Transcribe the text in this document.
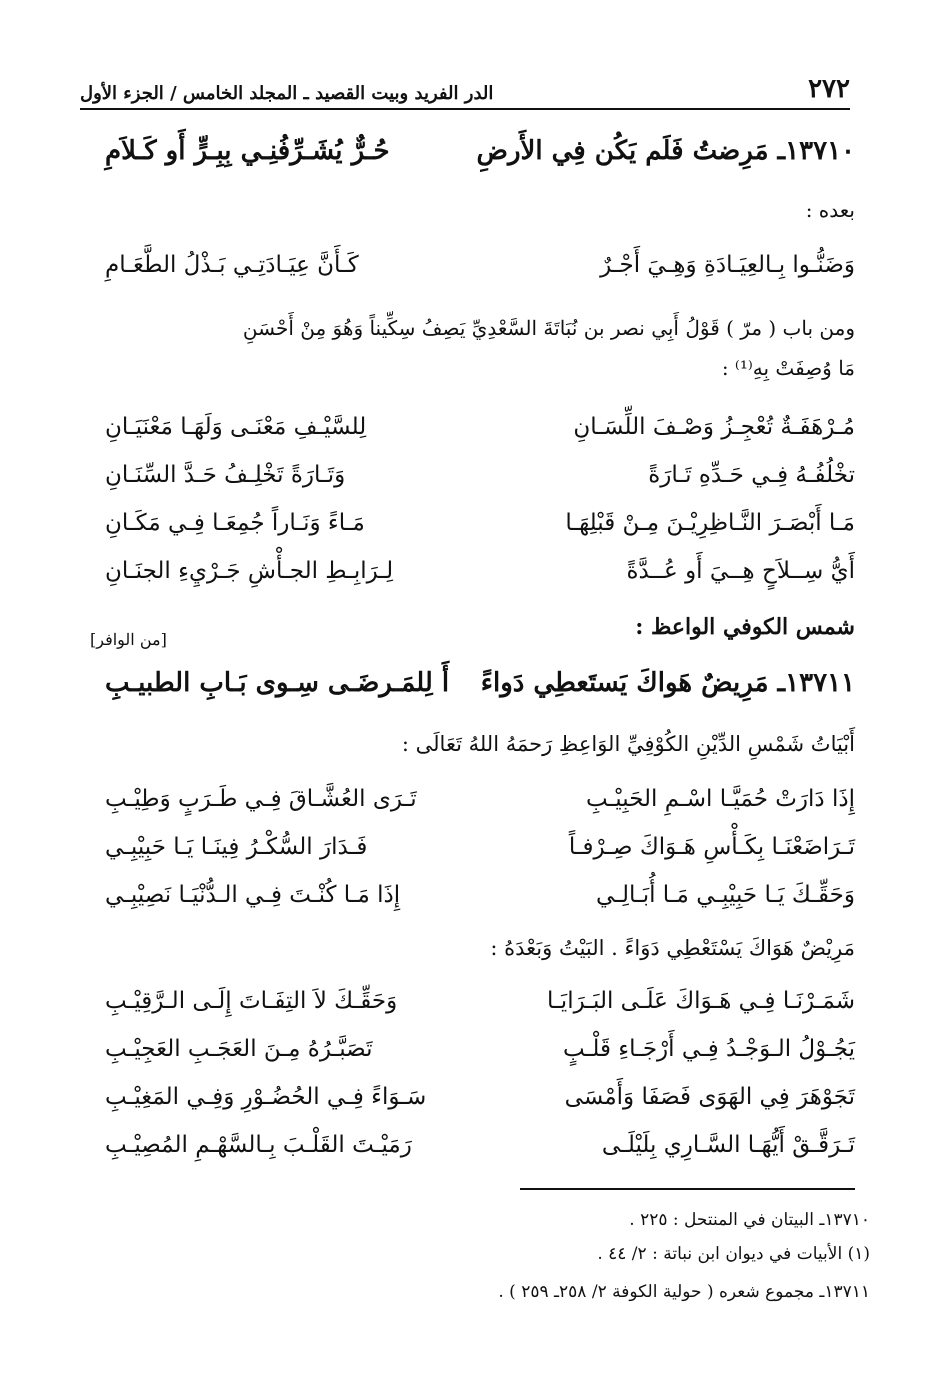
٢٧٢
الدر الفريد وبيت القصيد ـ المجلد الخامس / الجزء الأول
١٣٧١٠ـ مَرِضتُ فَلَم يَكُن فِي الأَرضِ
حُـرٌّ يُشَـرِّفُنِـي بِبِـرٍّ أَو كَـلاَمِ
بعده :
وَضَنُّـوا بِـالعِيَـادَةِ وَهِـيَ أَجْـرٌ
كَـأَنَّ عِيَـادَتِـي بَـذْلُ الطَّعَـامِ
ومن باب ( مرّ ) قَوْلُ أَبِي نصر بن نُبَاتَةَ السَّعْدِيِّ يَصِفُ سِكِّيناً وَهُوَ مِنْ أَحْسَنِ
مَا وُصِفَتْ بِهِ⁽¹⁾ :
مُـرْهَفَـةٌ تُعْجِـزُ وَصْـفَ اللِّسَـانِ
لِلسَّيْـفِ مَعْنَـى وَلَهَـا مَعْنَيَـانِ
تخْلُفُـهُ فِـي حَـدِّهِ تَـارَةً
وَتَـارَةً تَخْلِـفُ حَـدَّ السِّنَـانِ
مَـا أَبْصَـرَ النَّـاظِرِيْـنَ مِـنْ قَبْلِهَـا
مَـاءً وَنَـاراً جُمِعَـا فِـي مَكَـانِ
أَيُّ سِــلاَحٍ هِــيَ أَو عُــدَّةً
لِـرَابِـطِ الجـأْشِ جَـرْيِءِ الجنَـانِ
شمس الكوفي الواعظ :
[من الوافر]
١٣٧١١ـ مَرِيضٌ هَواكَ يَستَعطِي دَواءً
أَ لِلمَـرضَـى سِـوى بَـابِ الطبيـبِ
أَبْيَاتُ شَمْسِ الدِّيْنِ الكُوْفِيِّ الوَاعِظِ رَحمَهُ اللهُ تَعَالَى :
إِذَا دَارَتْ حُمَيَّـا اسْـمِ الحَبِيْـبِ
تَـرَى العُشَّـاقَ فِـي طَـرَبٍ وَطِيْـبِ
تَـرَاضَعْنَـا بِكَـأْسِ هَـوَاكَ صِـرْفـاً
فَـدَارَ السُّكْـرُ فِينَـا يَـا حَبِيْبِـي
وَحَقِّـكَ يَـا حَبِيْبِـي مَـا أُبَـالِـي
إِذَا مَـا كُنْـتَ فِـي الـدُّنْيَـا نَصِيْبِـي
مَرِيْضٌ هَوَاكَ يَسْتَعْطِي دَوَاءً . البَيْتُ وَبَعْدَهُ :
شَمَـرْنَـا فِـي هَـوَاكَ عَلَـى البَـرَايَـا
وَحَقِّـكَ لاَ التِفَـاتَ إِلَـى الـرَّقِيْـبِ
يَجُـوْلُ الـوَجْـدُ فِـي أَرْجَـاءِ قَلْـبٍ
تَصَبَّـرُهُ مِـنَ العَجَـبِ العَجِيْـبِ
تَجَوْهَرَ فِي الهَوَى فَصَفَا وَأَمْسَى
سَـوَاءً فِـي الحُضُـوْرِ وَفِـي المَغِيْـبِ
تَـرَقَّـقْ أَيُّهَـا السَّـارِي بِلَيْلَـى
رَمَيْـتَ القَلْـبَ بِـالسَّهْـمِ المُصِيْـبِ
١٣٧١٠ـ البيتان في المنتحل : ٢٢٥ .
(١) الأبيات في ديوان ابن نباتة : ٢/ ٤٤ .
١٣٧١١ـ مجموع شعره ( حولية الكوفة ٢/ ٢٥٨ـ ٢٥٩ ) .
